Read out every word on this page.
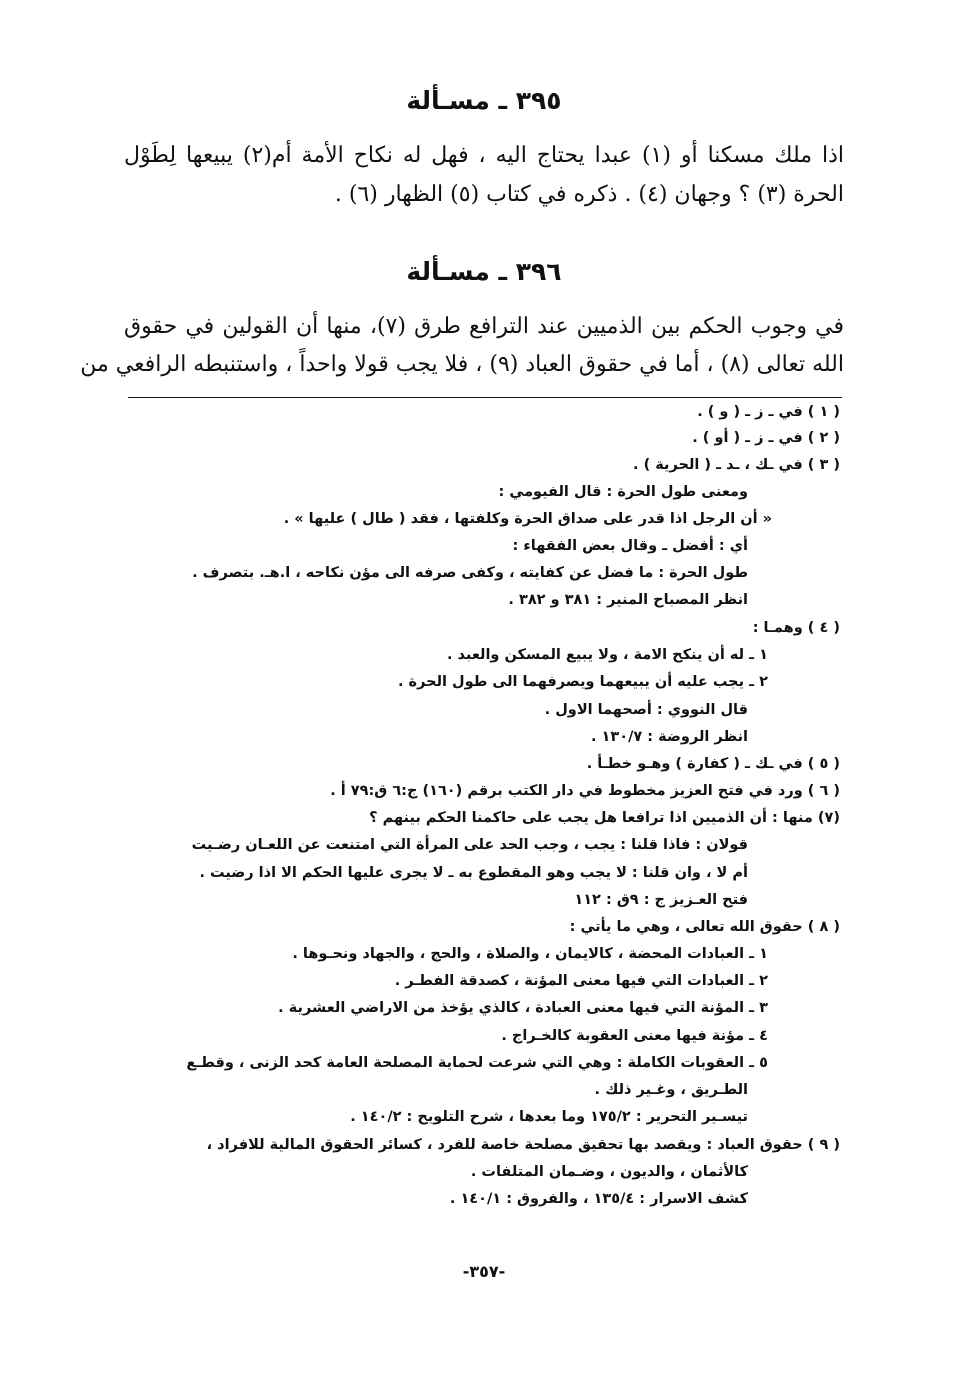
٣٩٥ ـ مسـألة
اذا ملك مسكنا أو (١) عبدا يحتاج اليه ، فهل له نكاح الأمة أم(٢) يبيعها لِطَوْل
الحرة (٣) ؟ وجهان (٤) . ذكره في كتاب (٥) الظهار (٦) .
٣٩٦ ـ مسـألة
في وجوب الحكم بين الذميين عند الترافع طرق (٧)، منها أن القولين في حقوق
الله تعالى (٨) ، أما في حقوق العباد (٩) ، فلا يجب قولا واحداً ، واستنبطه الرافعي من
( ١ ) في ـ ز ـ ( و ) .
( ٢ ) في ـ ز ـ ( أو ) .
( ٣ ) في ـك ، ـد ـ ( الحرية ) .
ومعنى طول الحرة : قال الفيومي :
« أن الرجل اذا قدر على صداق الحرة وكلفتها ، فقد ( طال ) عليها » .
أي : أفضل ـ وقال بعض الفقهاء :
طول الحرة : ما فضل عن كفايته ، وكفى صرفه الى مؤن نكاحه ، ا.هـ. بتصرف .
انظر المصباح المنير : ٣٨١ و ٣٨٢ .
( ٤ ) وهمـا :
١ ـ له أن ينكح الامة ، ولا يبيع المسكن والعبد .
٢ ـ يجب عليه أن يبيعهما ويصرفهما الى طول الحرة .
قال النووي : أصحهما الاول .
انظر الروضة : ١٣٠/٧ .
( ٥ ) في ـك ـ ( كفارة ) وهـو خطـأ .
( ٦ ) ورد في فتح العزيز مخطوط في دار الكتب برقم (١٦٠) ج:٦ ق:٧٩ أ .
(٧) منها : أن الذميين اذا ترافعا هل يجب على حاكمنا الحكم بينهم ؟
قولان : فاذا قلنا : يجب ، وجب الحد على المرأة التي امتنعت عن اللعـان رضـيت
أم لا ، وان قلنا : لا يجب وهو المقطوع به ـ لا يجرى عليها الحكم الا اذا رضيت .
فتح العـزيز ج : ٩ق : ١١٢
( ٨ ) حقوق الله تعالى ، وهي ما يأتي :
١ ـ العبادات المحضة ، كالايمان ، والصلاة ، والحج ، والجهاد ونحـوها .
٢ ـ العبادات التي فيها معنى المؤنة ، كصدقة الفطـر .
٣ ـ المؤنة التي فيها معنى العبادة ، كالذي يؤخذ من الاراضي العشرية .
٤ ـ مؤنة فيها معنى العقوبة كالخـراج .
٥ ـ العقوبات الكاملة : وهي التي شرعت لحماية المصلحة العامة كحد الزنى ، وقطـع
الطـريق ، وغـير ذلك .
تيسـير التحرير : ١٧٥/٢ وما بعدها ، شرح التلويح : ١٤٠/٢ .
( ٩ ) حقوق العباد : ويقصد بها تحقيق مصلحة خاصة للفرد ، كسائر الحقوق المالية للافراد ،
كالأثمان ، والديون ، وضـمان المتلفات .
كشف الاسرار : ١٣٥/٤ ، والفروق : ١٤٠/١ .
-٣٥٧-
